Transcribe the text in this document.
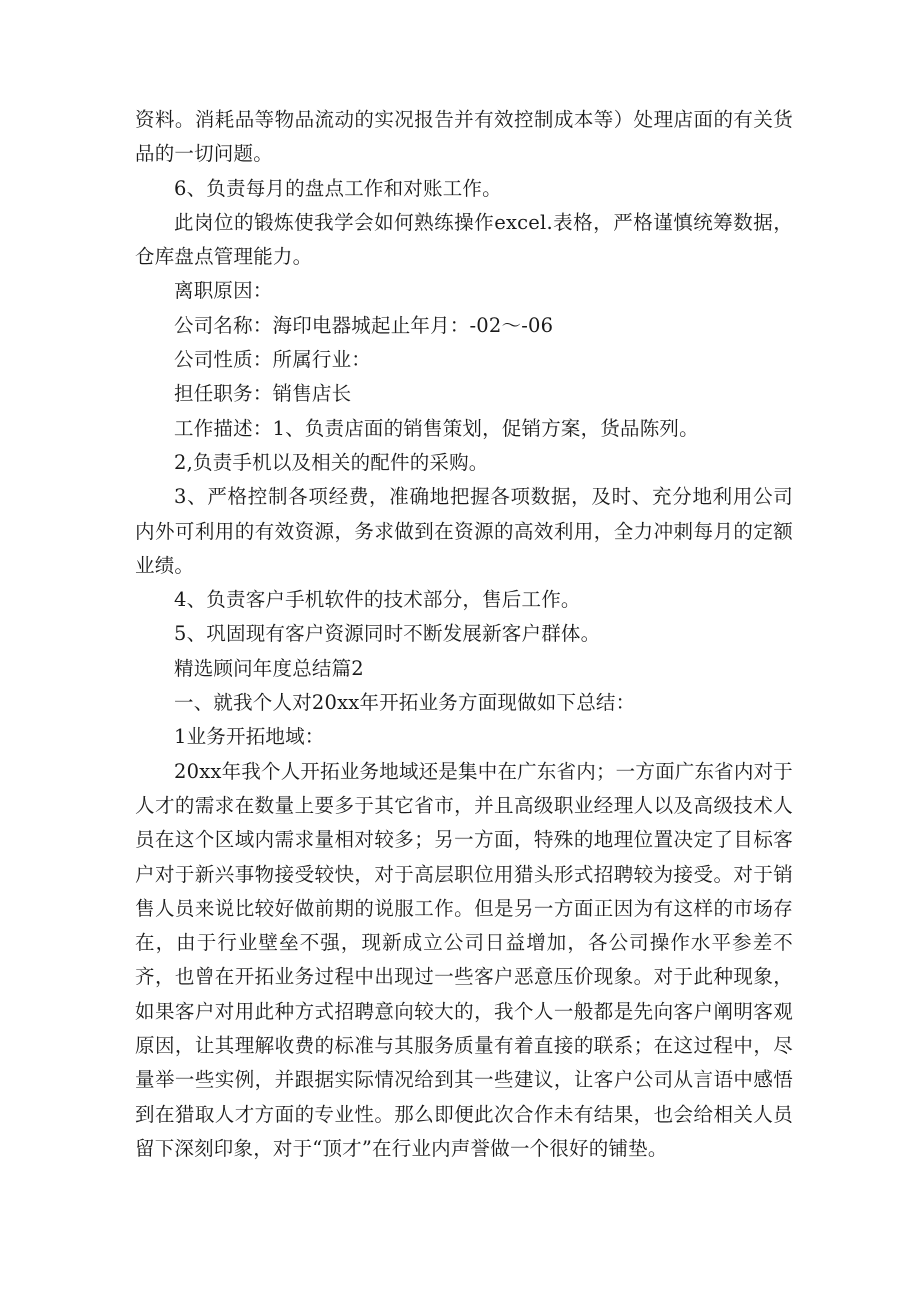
资料。消耗品等物品流动的实况报告并有效控制成本等）处理店面的有关货品的一切问题。

6、负责每月的盘点工作和对账工作。

此岗位的锻炼使我学会如何熟练操作excel.表格，严格谨慎统筹数据，仓库盘点管理能力。

离职原因：

公司名称：海印电器城起止年月：-02～-06

公司性质：所属行业：

担任职务：销售店长

工作描述：1、负责店面的销售策划，促销方案，货品陈列。

2,负责手机以及相关的配件的采购。

3、严格控制各项经费，准确地把握各项数据，及时、充分地利用公司内外可利用的有效资源，务求做到在资源的高效利用，全力冲刺每月的定额业绩。

4、负责客户手机软件的技术部分，售后工作。

5、巩固现有客户资源同时不断发展新客户群体。

精选顾问年度总结篇2

一、就我个人对20xx年开拓业务方面现做如下总结：

1业务开拓地域：

20xx年我个人开拓业务地域还是集中在广东省内；一方面广东省内对于人才的需求在数量上要多于其它省市，并且高级职业经理人以及高级技术人员在这个区域内需求量相对较多；另一方面，特殊的地理位置决定了目标客户对于新兴事物接受较快，对于高层职位用猎头形式招聘较为接受。对于销售人员来说比较好做前期的说服工作。但是另一方面正因为有这样的市场存在，由于行业壁垒不强，现新成立公司日益增加，各公司操作水平参差不齐，也曾在开拓业务过程中出现过一些客户恶意压价现象。对于此种现象，如果客户对用此种方式招聘意向较大的，我个人一般都是先向客户阐明客观原因，让其理解收费的标准与其服务质量有着直接的联系；在这过程中，尽量举一些实例，并跟据实际情况给到其一些建议，让客户公司从言语中感悟到在猎取人才方面的专业性。那么即便此次合作未有结果，也会给相关人员留下深刻印象，对于“顶才”在行业内声誉做一个很好的铺垫。
